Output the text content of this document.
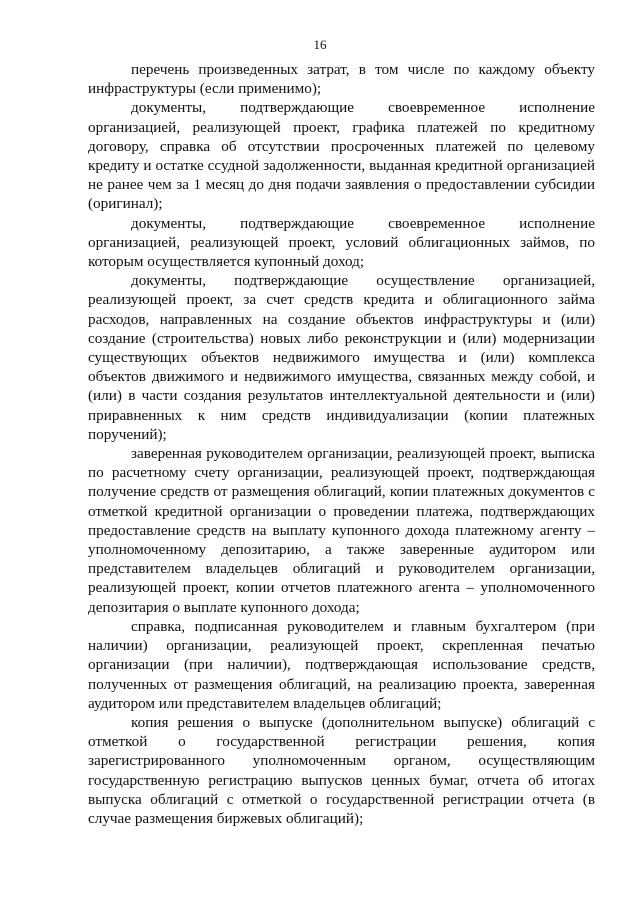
16

перечень произведенных затрат, в том числе по каждому объекту инфраструктуры (если применимо);

документы, подтверждающие своевременное исполнение организацией, реализующей проект, графика платежей по кредитному договору, справка об отсутствии просроченных платежей по целевому кредиту и остатке ссудной задолженности, выданная кредитной организацией не ранее чем за 1 месяц до дня подачи заявления о предоставлении субсидии (оригинал);

документы, подтверждающие своевременное исполнение организацией, реализующей проект, условий облигационных займов, по которым осуществляется купонный доход;

документы, подтверждающие осуществление организацией, реализующей проект, за счет средств кредита и облигационного займа расходов, направленных на создание объектов инфраструктуры и (или) создание (строительства) новых либо реконструкции и (или) модернизации существующих объектов недвижимого имущества и (или) комплекса объектов движимого и недвижимого имущества, связанных между собой, и (или) в части создания результатов интеллектуальной деятельности и (или) приравненных к ним средств индивидуализации (копии платежных поручений);

заверенная руководителем организации, реализующей проект, выписка по расчетному счету организации, реализующей проект, подтверждающая получение средств от размещения облигаций, копии платежных документов с отметкой кредитной организации о проведении платежа, подтверждающих предоставление средств на выплату купонного дохода платежному агенту – уполномоченному депозитарию, а также заверенные аудитором или представителем владельцев облигаций и руководителем организации, реализующей проект, копии отчетов платежного агента – уполномоченного депозитария о выплате купонного дохода;

справка, подписанная руководителем и главным бухгалтером (при наличии) организации, реализующей проект, скрепленная печатью организации (при наличии), подтверждающая использование средств, полученных от размещения облигаций, на реализацию проекта, заверенная аудитором или представителем владельцев облигаций;

копия решения о выпуске (дополнительном выпуске) облигаций с отметкой о государственной регистрации решения, копия зарегистрированного уполномоченным органом, осуществляющим государственную регистрацию выпусков ценных бумаг, отчета об итогах выпуска облигаций с отметкой о государственной регистрации отчета (в случае размещения биржевых облигаций);
